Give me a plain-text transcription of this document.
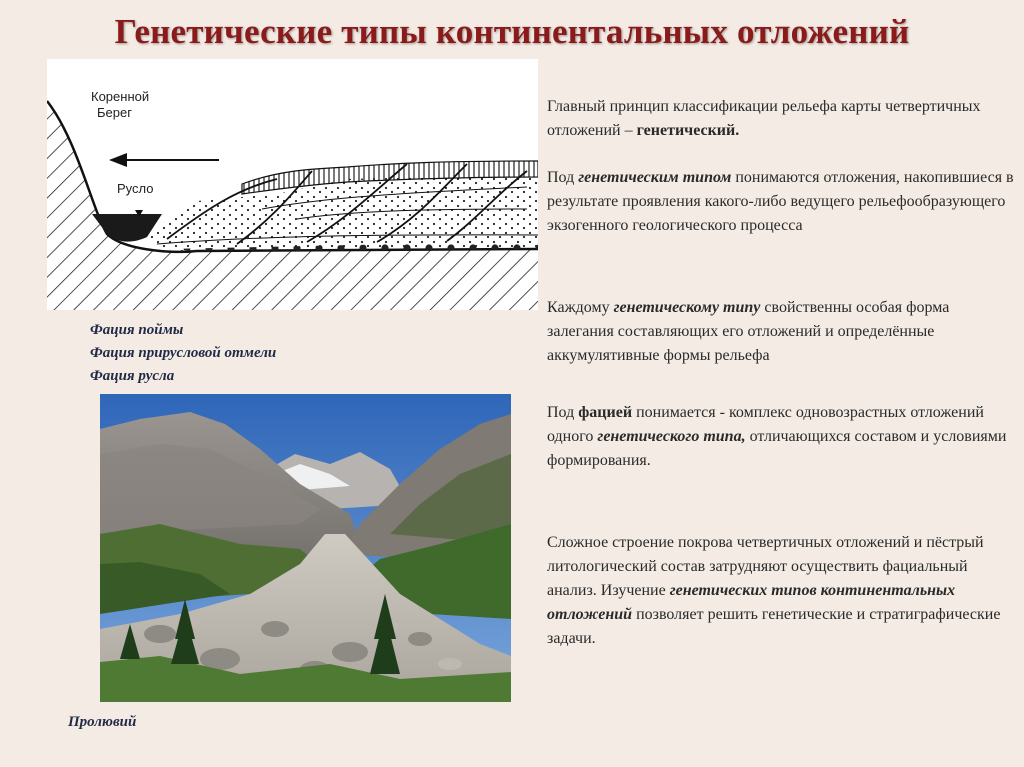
Генетические типы континентальных отложений
Коренной
Берег
Русло
Фация поймы
Фация прирусловой отмели
Фация русла
Пролювий
Главный принцип классификации рельефа карты четвертичных отложений – генетический.
Под генетическим типом понимаются отложения, накопившиеся в результате проявления какого-либо ведущего рельефообразующего экзогенного геологического процесса
Каждому генетическому типу свойственны особая форма залегания составляющих его отложений и определённые аккумулятивные формы рельефа
Под фацией понимается - комплекс одновозрастных отложений одного генетического типа, отличающихся составом и условиями формирования.
Сложное строение покрова четвертичных отложений и пёстрый литологический состав затрудняют осуществить фациальный анализ. Изучение генетических типов континентальных отложений позволяет решить генетические и стратиграфические задачи.
